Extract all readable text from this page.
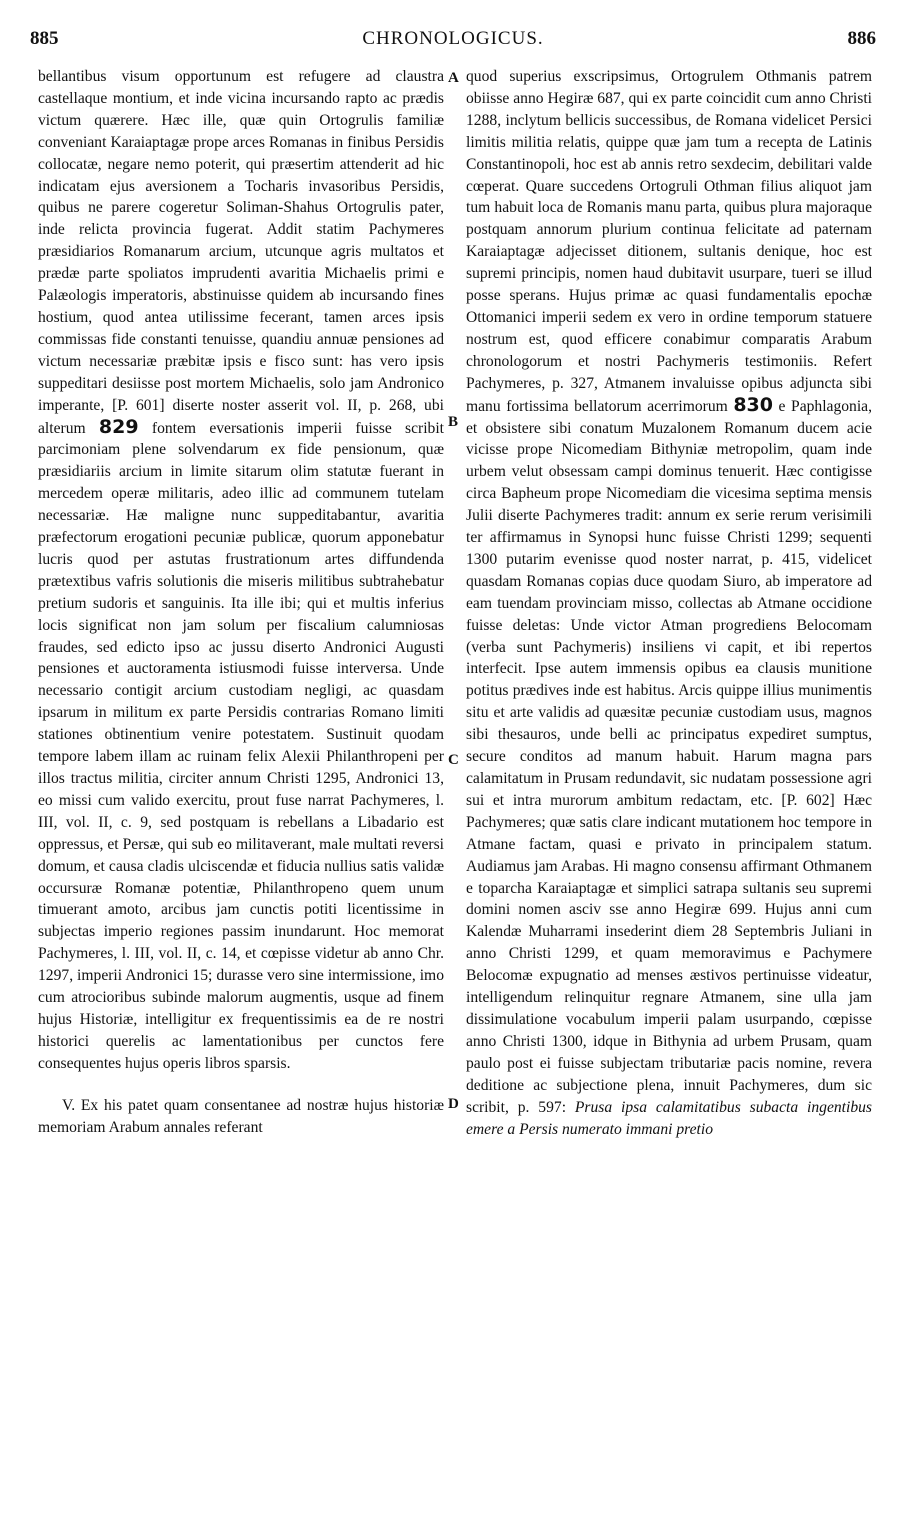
885	CHRONOLOGICUS.	886
A
B
C
D

bellantibus visum opportunum est refugere ad claustra castellaque montium, et inde vicina incursando rapto ac prædis victum quærere. Hæc ille, quæ quin Ortogrulis familiæ conveniant Karaiaptagæ prope arces Romanas in finibus Persidis collocatæ, negare nemo poterit, qui præsertim attenderit ad hic indicatam ejus aversionem a Tocharis invasoribus Persidis, quibus ne parere cogeretur Soliman-Shahus Ortogrulis pater, inde relicta provincia fugerat. Addit statim Pachymeres præsidiarios Romanarum arcium, utcunque agris multatos et prædæ parte spoliatos imprudenti avaritia Michaelis primi e Palæologis imperatoris, abstinuisse quidem ab incursando fines hostium, quod antea utilissime fecerant, tamen arces ipsis commissas fide constanti tenuisse, quandiu annuæ pensiones ad victum necessariæ præbitæ ipsis e fisco sunt: has vero ipsis suppeditari desiisse post mortem Michaelis, solo jam Andronico imperante, [P. 601] diserte noster asserit vol. II, p. 268, ubi alterum 829 fontem eversationis imperii fuisse scribit parcimoniam plene solvendarum ex fide pensionum, quæ præsidiariis arcium in limite sitarum olim statutæ fuerant in mercedem operæ militaris, adeo illic ad communem tutelam necessariæ. Hæ maligne nunc suppeditabantur, avaritia præfectorum erogationi pecuniæ publicæ, quorum apponebatur lucris quod per astutas frustrationum artes diffundenda prætextibus vafris solutionis die miseris militibus subtrahebatur pretium sudoris et sanguinis. Ita ille ibi; qui et multis inferius locis significat non jam solum per fiscalium calumniosas fraudes, sed edicto ipso ac jussu diserto Andronici Augusti pensiones et auctoramenta istiusmodi fuisse interversa. Unde necessario contigit arcium custodiam negligi, ac quasdam ipsarum in militum ex parte Persidis contrarias Romano limiti stationes obtinentium venire potestatem. Sustinuit quodam tempore labem illam ac ruinam felix Alexii Philanthropeni per illos tractus militia, circiter annum Christi 1295, Andronici 13, eo missi cum valido exercitu, prout fuse narrat Pachymeres, l. III, vol. II, c. 9, sed postquam is rebellans a Libadario est oppressus, et Persæ, qui sub eo militaverant, male multati reversi domum, et causa cladis ulciscendæ et fiducia nullius satis validæ occursuræ Romanæ potentiæ, Philanthropeno quem unum timuerant amoto, arcibus jam cunctis potiti licentissime in subjectas imperio regiones passim inundarunt. Hoc memorat Pachymeres, l. III, vol. II, c. 14, et cœpisse videtur ab anno Chr. 1297, imperii Andronici 15; durasse vero sine intermissione, imo cum atrocioribus subinde malorum augmentis, usque ad finem hujus Historiæ, intelligitur ex frequentissimis ea de re nostri historici querelis ac lamentationibus per cunctos fere consequentes hujus operis libros sparsis.

V. Ex his patet quam consentanee ad nostræ hujus historiæ memoriam Arabum annales referant

quod superius exscripsimus, Ortogrulem Othmanis patrem obiisse anno Hegiræ 687, qui ex parte coincidit cum anno Christi 1288, inclytum bellicis successibus, de Romana videlicet Persici limitis militia relatis, quippe quæ jam tum a recepta de Latinis Constantinopoli, hoc est ab annis retro sexdecim, debilitari valde cœperat. Quare succedens Ortogruli Othman filius aliquot jam tum habuit loca de Romanis manu parta, quibus plura majoraque postquam annorum plurium continua felicitate ad paternam Karaiaptagæ adjecisset ditionem, sultanis denique, hoc est supremi principis, nomen haud dubitavit usurpare, tueri se illud posse sperans. Hujus primæ ac quasi fundamentalis epochæ Ottomanici imperii sedem ex vero in ordine temporum statuere nostrum est, quod efficere conabimur comparatis Arabum chronologorum et nostri Pachymeris testimoniis. Refert Pachymeres, p. 327, Atmanem invaluisse opibus adjuncta sibi manu fortissima bellatorum acerrimorum 830 e Paphlagonia, et obsistere sibi conatum Muzalonem Romanum ducem acie vicisse prope Nicomediam Bithyniæ metropolim, quam inde urbem velut obsessam campi dominus tenuerit. Hæc contigisse circa Bapheum prope Nicomediam die vicesima septima mensis Julii diserte Pachymeres tradit: annum ex serie rerum verisimili ter affirmamus in Synopsi hunc fuisse Christi 1299; sequenti 1300 putarim evenisse quod noster narrat, p. 415, videlicet quasdam Romanas copias duce quodam Siuro, ab imperatore ad eam tuendam provinciam misso, collectas ab Atmane occidione fuisse deletas: Unde victor Atman progrediens Belocomam (verba sunt Pachymeris) insiliens vi capit, et ibi repertos interfecit. Ipse autem immensis opibus ea clausis munitione potitus prædives inde est habitus. Arcis quippe illius munimentis situ et arte validis ad quæsitæ pecuniæ custodiam usus, magnos sibi thesauros, unde belli ac principatus expediret sumptus, secure conditos ad manum habuit. Harum magna pars calamitatum in Prusam redundavit, sic nudatam possessione agri sui et intra murorum ambitum redactam, etc. [P. 602] Hæc Pachymeres; quæ satis clare indicant mutationem hoc tempore in Atmane factam, quasi e privato in principalem statum. Audiamus jam Arabas. Hi magno consensu affirmant Othmanem e toparcha Karaiaptagæ et simplici satrapa sultanis seu supremi domini nomen asciv sse anno Hegiræ 699. Hujus anni cum Kalendæ Muharrami insederint diem 28 Septembris Juliani in anno Christi 1299, et quam memoravimus e Pachymere Belocomæ expugnatio ad menses æstivos pertinuisse videatur, intelligendum relinquitur regnare Atmanem, sine ulla jam dissimulatione vocabulum imperii palam usurpando, cœpisse anno Christi 1300, idque in Bithynia ad urbem Prusam, quam paulo post ei fuisse subjectam tributariæ pacis nomine, revera deditione ac subjectione plena, innuit Pachymeres, dum sic scribit, p. 597: Prusa ipsa calamitatibus subacta ingentibus emere a Persis numerato immani pretio
